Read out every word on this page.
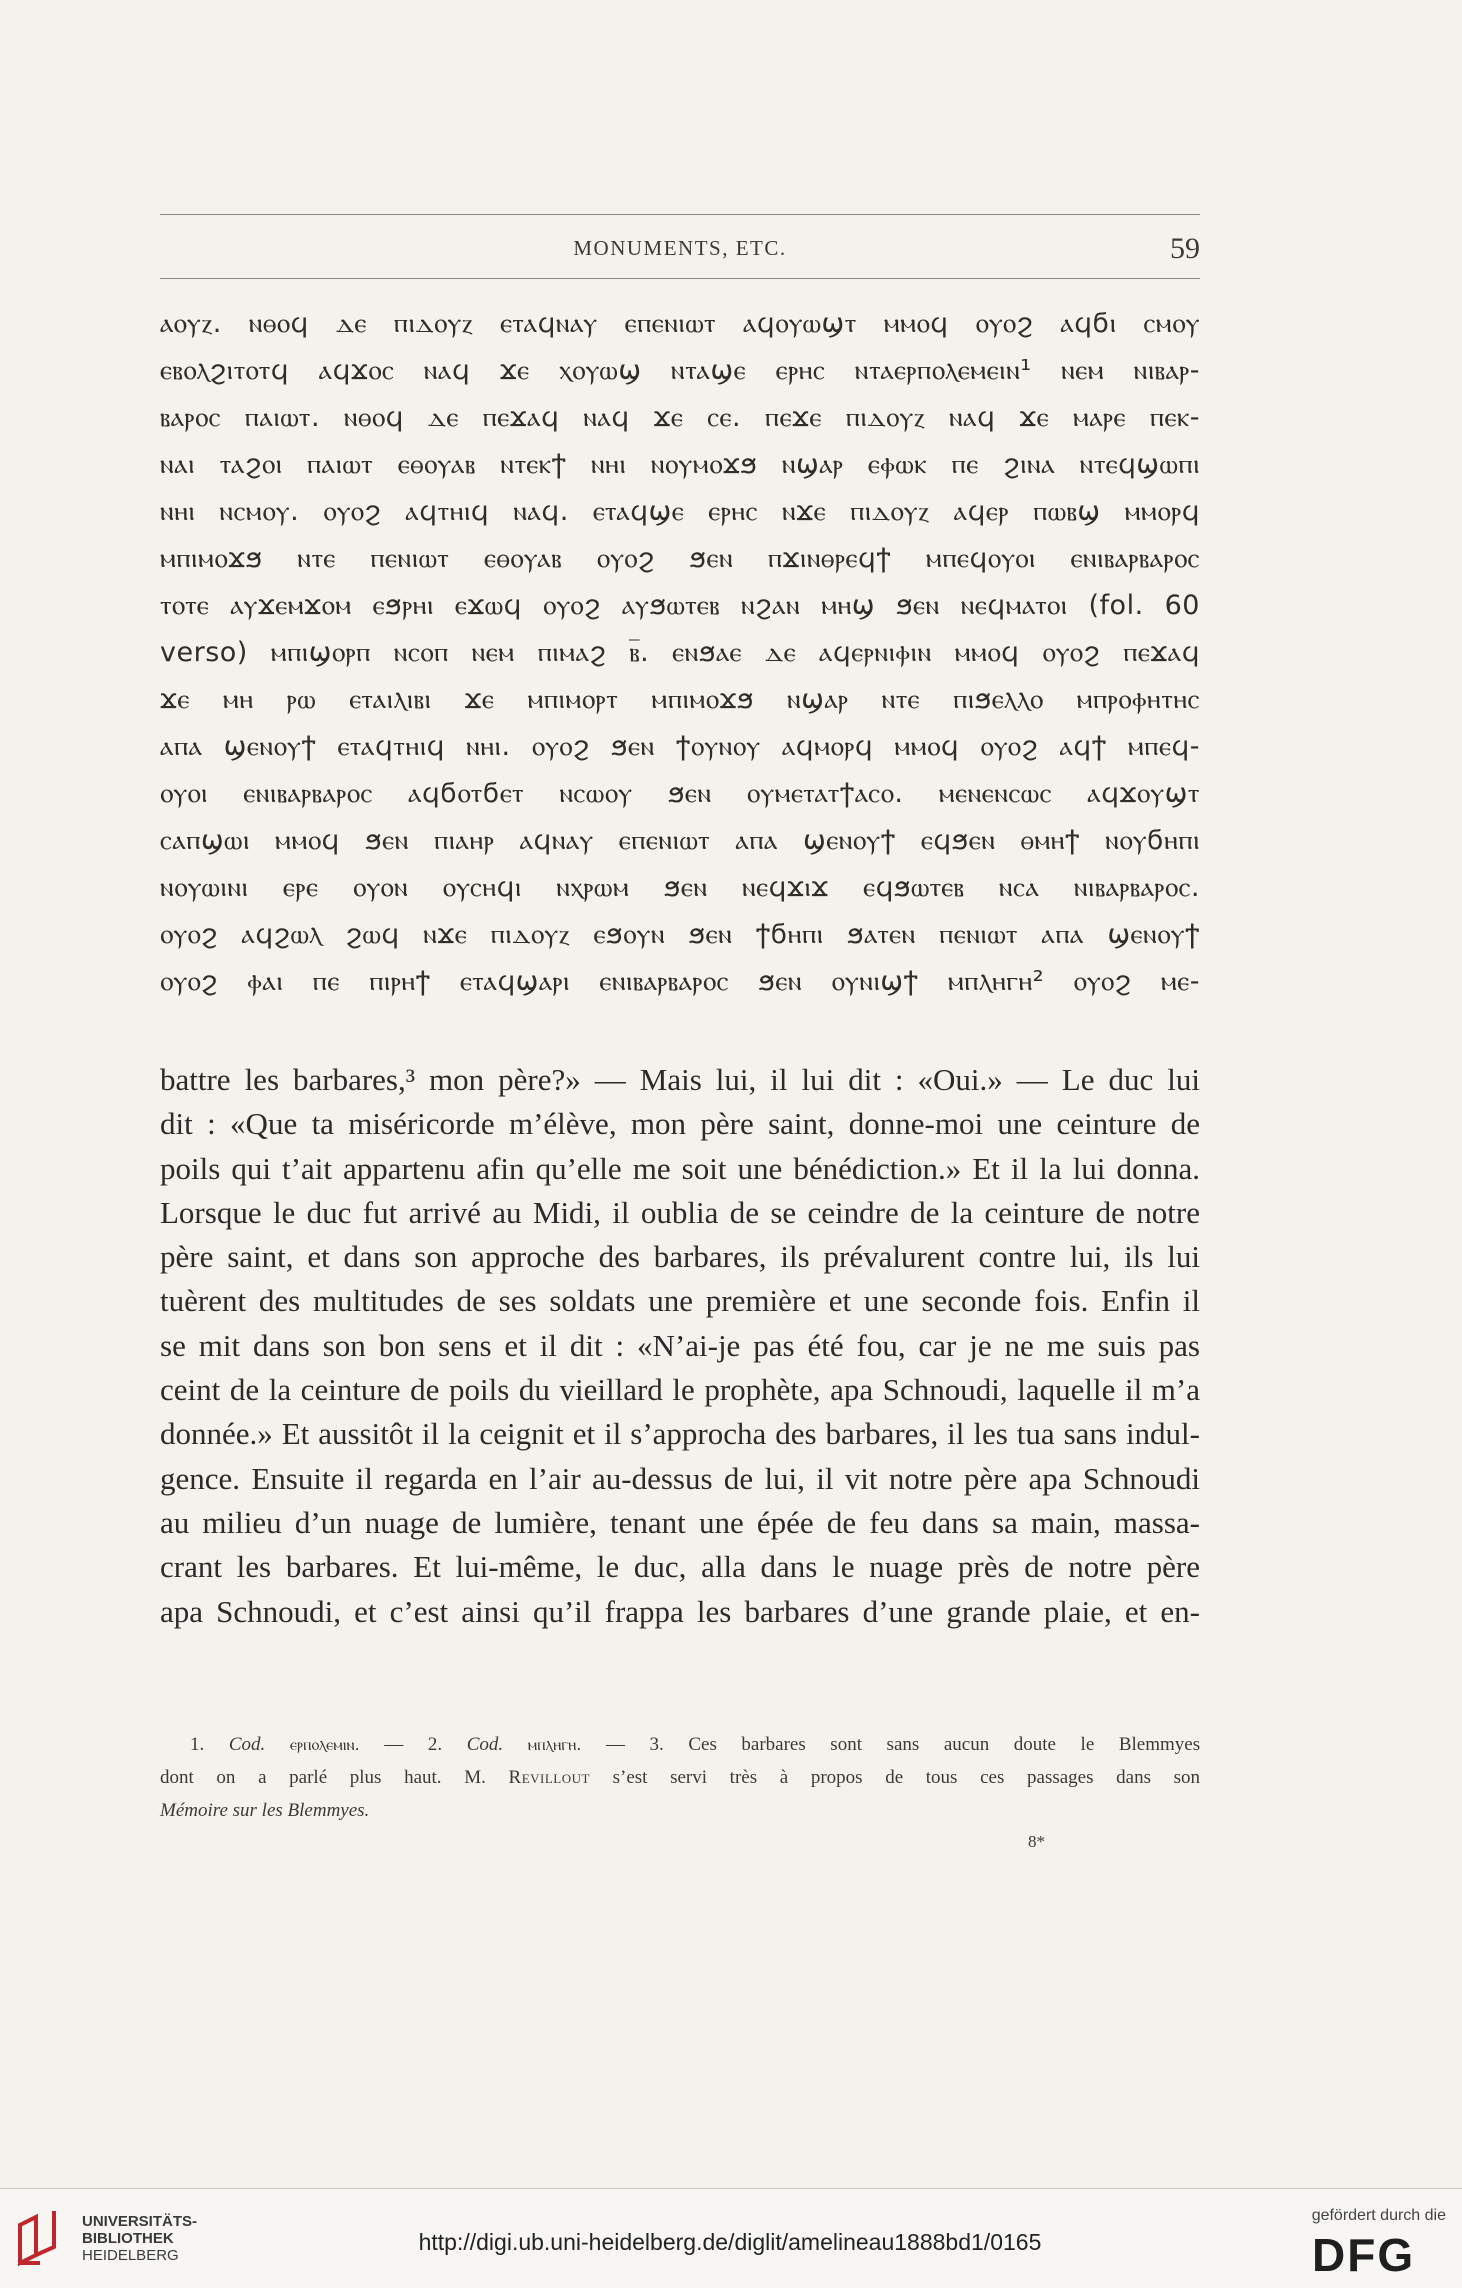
MONUMENTS, ETC.	59
ⲁⲟⲩⲍ. ⲛⲑⲟϥ ⲇⲉ ⲡⲓⲇⲟⲩⲍ ⲉⲧⲁϥⲛⲁⲩ ⲉⲡⲉⲛⲓⲱⲧ ⲁϥⲟⲩⲱϣⲧ ⲙⲙⲟϥ ⲟⲩⲟϩ ⲁϥϭⲓ ⲥⲙⲟⲩ
ⲉⲃⲟⲗϩⲓⲧⲟⲧϥ ⲁϥϫⲟⲥ ⲛⲁϥ ϫⲉ ⲭⲟⲩⲱϣ ⲛⲧⲁϣⲉ ⲉⲣⲏⲥ ⲛⲧⲁⲉⲣⲡⲟⲗⲉⲙⲉⲓⲛ¹ ⲛⲉⲙ ⲛⲓⲃⲁⲣ-
ⲃⲁⲣⲟⲥ ⲡⲁⲓⲱⲧ. ⲛⲑⲟϥ ⲇⲉ ⲡⲉϫⲁϥ ⲛⲁϥ ϫⲉ ⲥⲉ. ⲡⲉϫⲉ ⲡⲓⲇⲟⲩⲍ ⲛⲁϥ ϫⲉ ⲙⲁⲣⲉ ⲡⲉⲕ-
ⲛⲁⲓ ⲧⲁϩⲟⲓ ⲡⲁⲓⲱⲧ ⲉⲑⲟⲩⲁⲃ ⲛⲧⲉⲕϯ ⲛⲏⲓ ⲛⲟⲩⲙⲟϫϧ ⲛϣⲁⲣ ⲉⲫⲱⲕ ⲡⲉ ϩⲓⲛⲁ ⲛⲧⲉϥϣⲱⲡⲓ
ⲛⲏⲓ ⲛⲥⲙⲟⲩ. ⲟⲩⲟϩ ⲁϥⲧⲏⲓϥ ⲛⲁϥ. ⲉⲧⲁϥϣⲉ ⲉⲣⲏⲥ ⲛϫⲉ ⲡⲓⲇⲟⲩⲍ ⲁϥⲉⲣ ⲡⲱⲃϣ ⲙⲙⲟⲣϥ
ⲙⲡⲓⲙⲟϫϧ ⲛⲧⲉ ⲡⲉⲛⲓⲱⲧ ⲉⲑⲟⲩⲁⲃ ⲟⲩⲟϩ ϧⲉⲛ ⲡϫⲓⲛⲑⲣⲉϥϯ ⲙⲡⲉϥⲟⲩⲟⲓ ⲉⲛⲓⲃⲁⲣⲃⲁⲣⲟⲥ
ⲧⲟⲧⲉ ⲁⲩϫⲉⲙϫⲟⲙ ⲉϧⲣⲏⲓ ⲉϫⲱϥ ⲟⲩⲟϩ ⲁⲩϧⲱⲧⲉⲃ ⲛϩⲁⲛ ⲙⲏϣ ϧⲉⲛ ⲛⲉϥⲙⲁⲧⲟⲓ (fol. 60
verso) ⲙⲡⲓϣⲟⲣⲡ ⲛⲥⲟⲡ ⲛⲉⲙ ⲡⲓⲙⲁϩ ⲃ̅. ⲉⲛϧⲁⲉ ⲇⲉ ⲁϥⲉⲣⲛⲓⲫⲓⲛ ⲙⲙⲟϥ ⲟⲩⲟϩ ⲡⲉϫⲁϥ
ϫⲉ ⲙⲏ ⲣⲱ ⲉⲧⲁⲓⲗⲓⲃⲓ ϫⲉ ⲙⲡⲓⲙⲟⲣⲧ ⲙⲡⲓⲙⲟϫϧ ⲛϣⲁⲣ ⲛⲧⲉ ⲡⲓϧⲉⲗⲗⲟ ⲙⲡⲣⲟⲫⲏⲧⲏⲥ
ⲁⲡⲁ ϣⲉⲛⲟⲩϯ ⲉⲧⲁϥⲧⲏⲓϥ ⲛⲏⲓ. ⲟⲩⲟϩ ϧⲉⲛ ϯⲟⲩⲛⲟⲩ ⲁϥⲙⲟⲣϥ ⲙⲙⲟϥ ⲟⲩⲟϩ ⲁϥϯ ⲙⲡⲉϥ-
ⲟⲩⲟⲓ ⲉⲛⲓⲃⲁⲣⲃⲁⲣⲟⲥ ⲁϥϭⲟⲧϭⲉⲧ ⲛⲥⲱⲟⲩ ϧⲉⲛ ⲟⲩⲙⲉⲧⲁⲧϯⲁⲥⲟ. ⲙⲉⲛⲉⲛⲥⲱⲥ ⲁϥϫⲟⲩϣⲧ
ⲥⲁⲡϣⲱⲓ ⲙⲙⲟϥ ϧⲉⲛ ⲡⲓⲁⲏⲣ ⲁϥⲛⲁⲩ ⲉⲡⲉⲛⲓⲱⲧ ⲁⲡⲁ ϣⲉⲛⲟⲩϯ ⲉϥϧⲉⲛ ⲑⲙⲏϯ ⲛⲟⲩϭⲏⲡⲓ
ⲛⲟⲩⲱⲓⲛⲓ ⲉⲣⲉ ⲟⲩⲟⲛ ⲟⲩⲥⲏϥⲓ ⲛⲭⲣⲱⲙ ϧⲉⲛ ⲛⲉϥϫⲓϫ ⲉϥϧⲱⲧⲉⲃ ⲛⲥⲁ ⲛⲓⲃⲁⲣⲃⲁⲣⲟⲥ.
ⲟⲩⲟϩ ⲁϥϩⲱⲗ ϩⲱϥ ⲛϫⲉ ⲡⲓⲇⲟⲩⲍ ⲉϧⲟⲩⲛ ϧⲉⲛ ϯϭⲏⲡⲓ ϧⲁⲧⲉⲛ ⲡⲉⲛⲓⲱⲧ ⲁⲡⲁ ϣⲉⲛⲟⲩϯ
ⲟⲩⲟϩ ⲫⲁⲓ ⲡⲉ ⲡⲓⲣⲏϯ ⲉⲧⲁϥϣⲁⲣⲓ ⲉⲛⲓⲃⲁⲣⲃⲁⲣⲟⲥ ϧⲉⲛ ⲟⲩⲛⲓϣϯ ⲙⲡⲗⲏⲅⲏ² ⲟⲩⲟϩ ⲙⲉ-
battre les barbares,³ mon père?» — Mais lui, il lui dit : «Oui.» — Le duc lui
dit : «Que ta miséricorde m’élève, mon père saint, donne-moi une ceinture de
poils qui t’ait appartenu afin qu’elle me soit une bénédiction.» Et il la lui donna.
Lorsque le duc fut arrivé au Midi, il oublia de se ceindre de la ceinture de notre
père saint, et dans son approche des barbares, ils prévalurent contre lui, ils lui
tuèrent des multitudes de ses soldats une première et une seconde fois. Enfin il
se mit dans son bon sens et il dit : «N’ai-je pas été fou, car je ne me suis pas
ceint de la ceinture de poils du vieillard le prophète, apa Schnoudi, laquelle il m’a
donnée.» Et aussitôt il la ceignit et il s’approcha des barbares, il les tua sans indul-
gence. Ensuite il regarda en l’air au-dessus de lui, il vit notre père apa Schnoudi
au milieu d’un nuage de lumière, tenant une épée de feu dans sa main, massa-
crant les barbares. Et lui-même, le duc, alla dans le nuage près de notre père
apa Schnoudi, et c’est ainsi qu’il frappa les barbares d’une grande plaie, et en-
1. Cod. ⲉⲣⲡⲟⲗⲉⲙⲓⲛ. — 2. Cod. ⲙⲡⲗⲏⲅⲏ. — 3. Ces barbares sont sans aucun doute le Blemmyes
dont on a parlé plus haut. M. Revillout s’est servi très à propos de tous ces passages dans son
Mémoire sur les Blemmyes.
8*
UNIVERSITÄTS-
BIBLIOTHEK
HEIDELBERG
http://digi.ub.uni-heidelberg.de/diglit/amelineau1888bd1/0165
gefördert durch die
DFG
